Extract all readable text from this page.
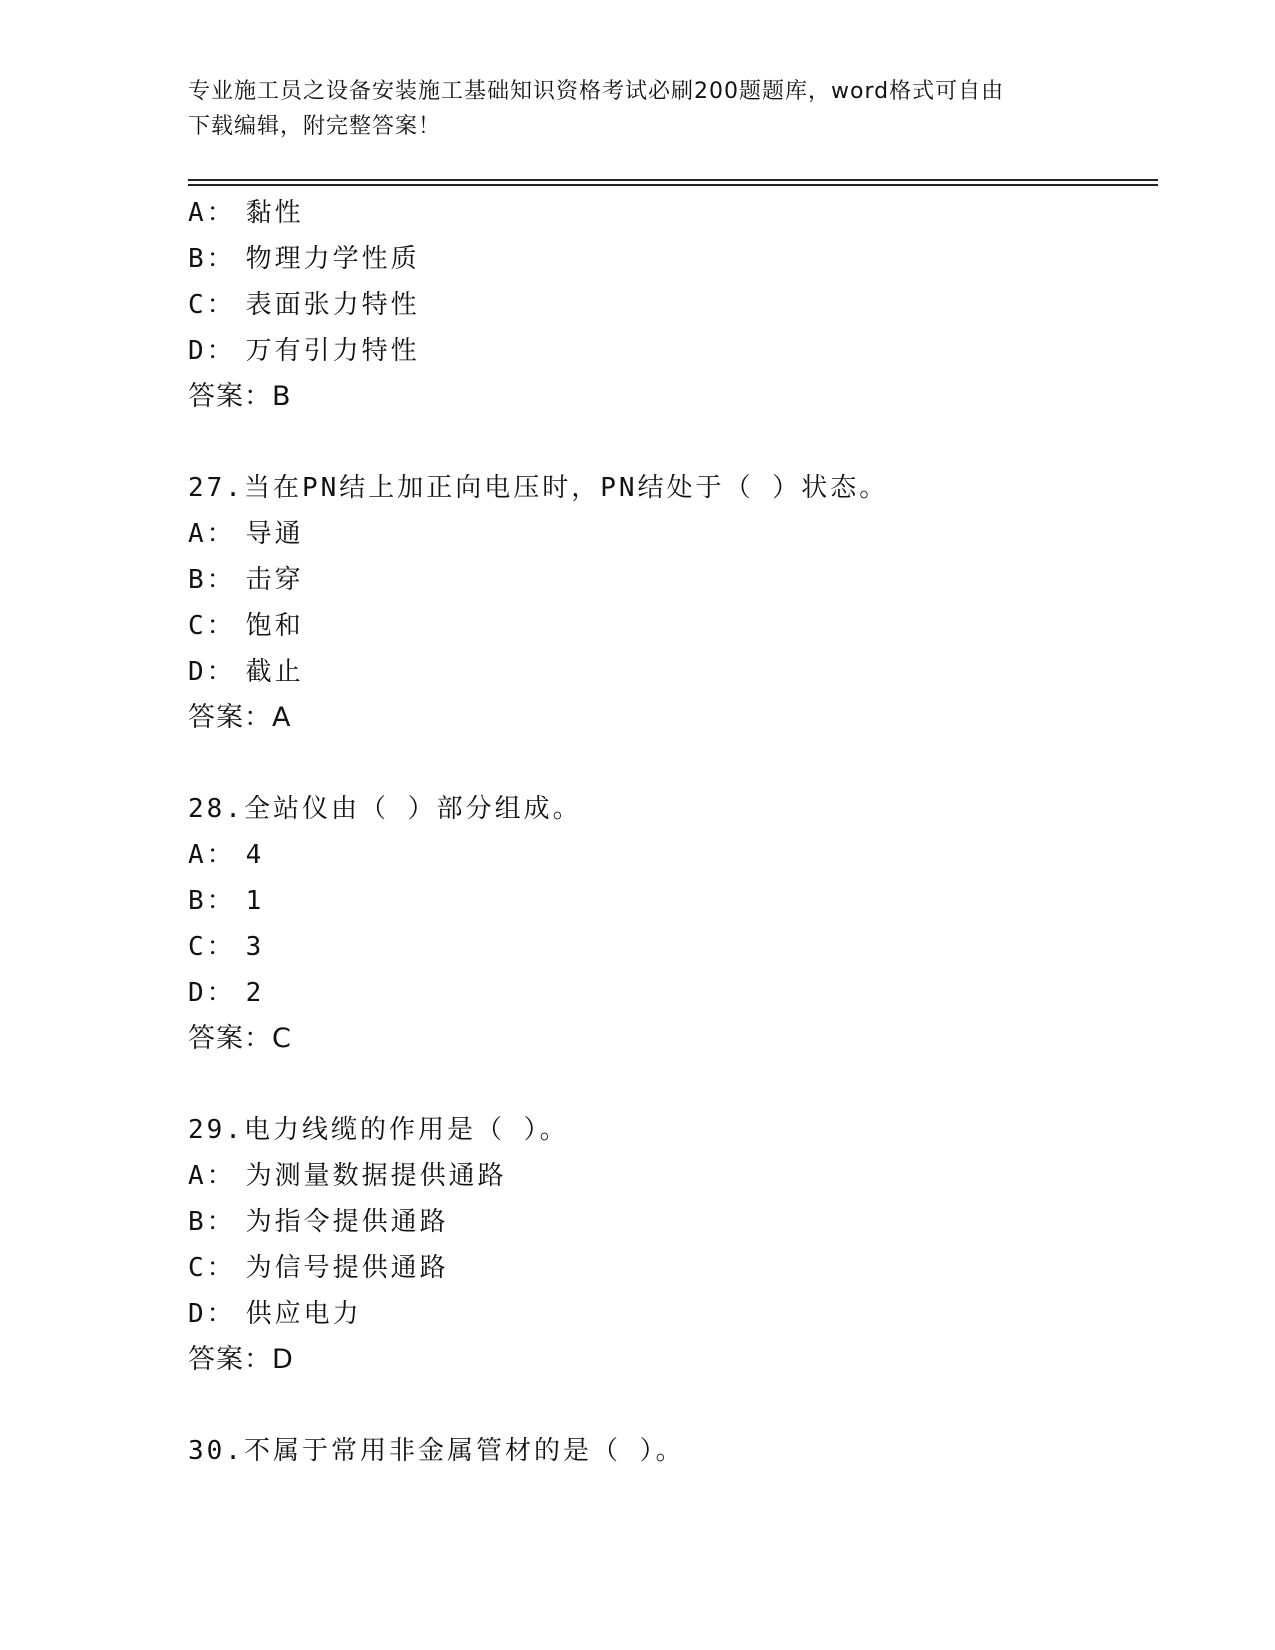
专业施工员之设备安装施工基础知识资格考试必刷200题题库，word格式可自由
下载编辑，附完整答案！
A： 黏性
B： 物理力学性质
C： 表面张力特性
D： 万有引力特性
答案：B
27.当在PN结上加正向电压时，PN结处于（ ）状态。
A： 导通
B： 击穿
C： 饱和
D： 截止
答案：A
28.全站仪由（ ）部分组成。
A： 4
B： 1
C： 3
D： 2
答案：C
29.电力线缆的作用是（ ）。
A： 为测量数据提供通路
B： 为指令提供通路
C： 为信号提供通路
D： 供应电力
答案：D
30.不属于常用非金属管材的是（ ）。
